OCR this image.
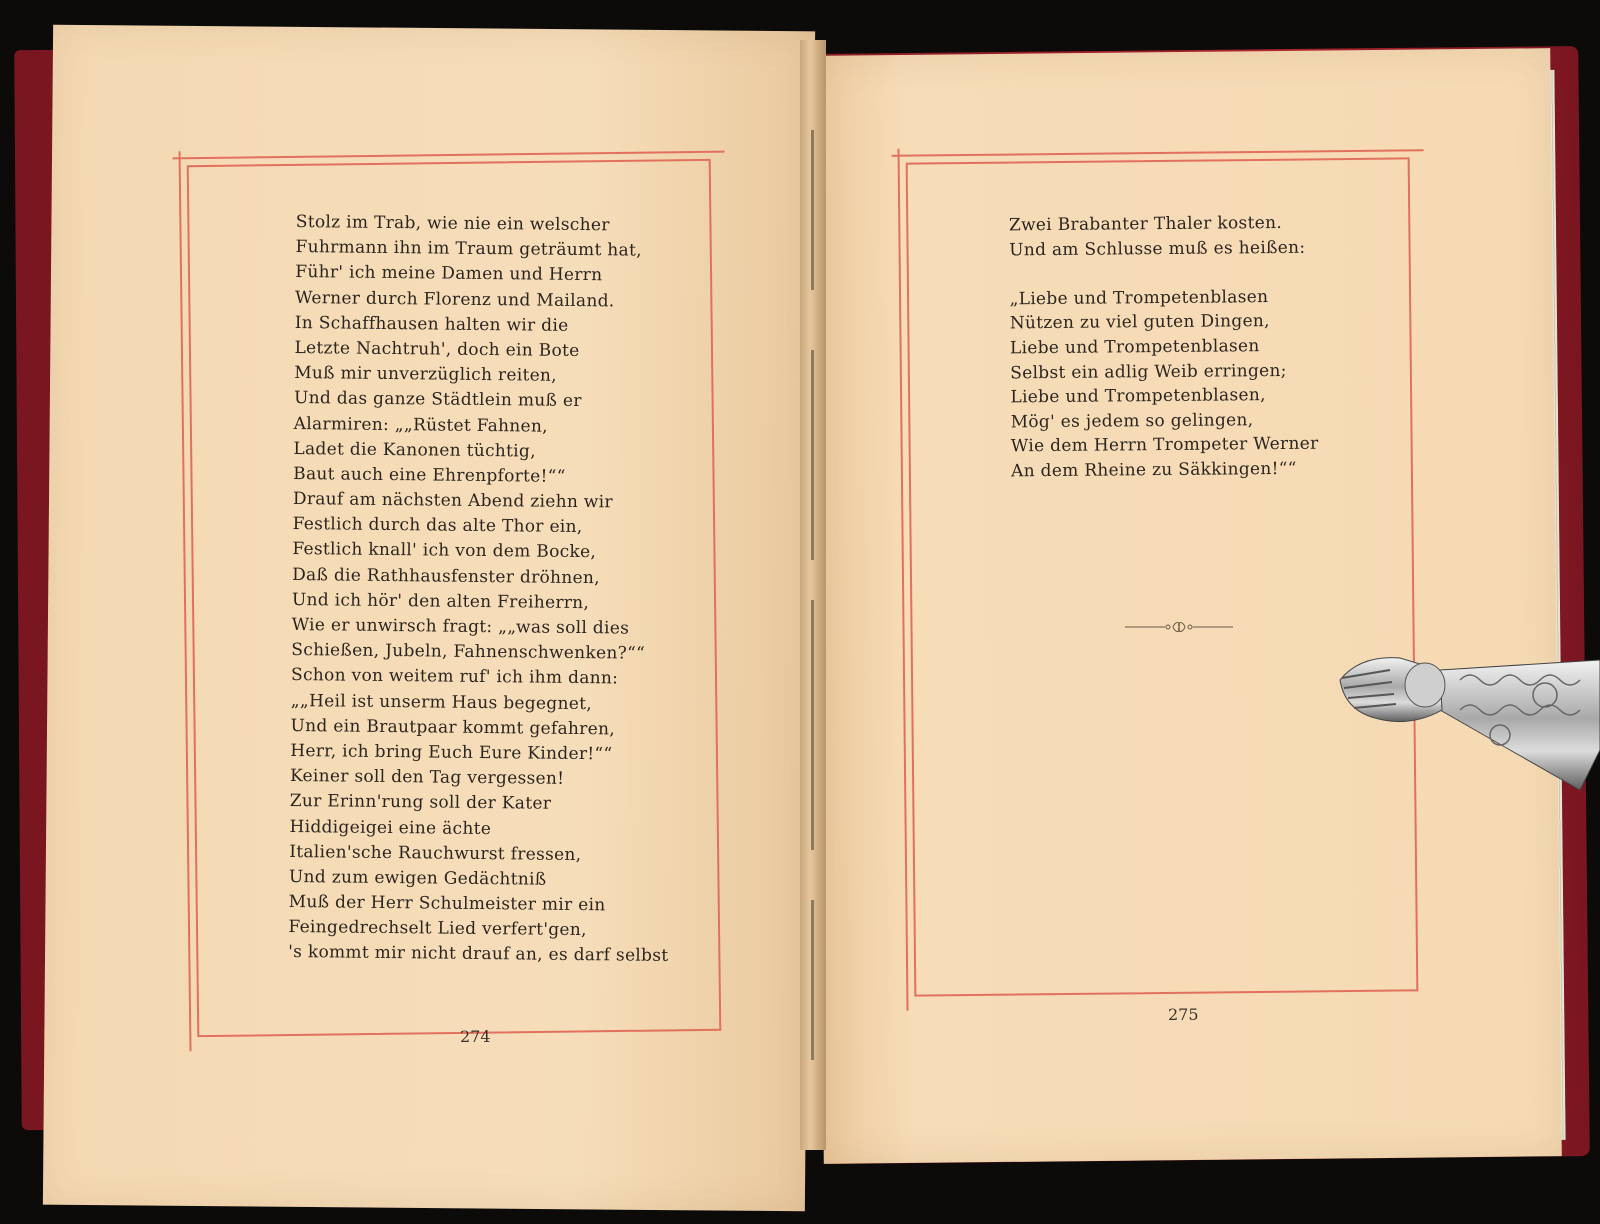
Stolz im Trab, wie nie ein welscher
Fuhrmann ihn im Traum geträumt hat,
Führ' ich meine Damen und Herrn
Werner durch Florenz und Mailand.
In Schaffhausen halten wir die
Letzte Nachtruh', doch ein Bote
Muß mir unverzüglich reiten,
Und das ganze Städtlein muß er
Alarmiren: „„Rüstet Fahnen,
Ladet die Kanonen tüchtig,
Baut auch eine Ehrenpforte!““
Drauf am nächsten Abend ziehn wir
Festlich durch das alte Thor ein,
Festlich knall' ich von dem Bocke,
Daß die Rathhausfenster dröhnen,
Und ich hör' den alten Freiherrn,
Wie er unwirsch fragt: „„was soll dies
Schießen, Jubeln, Fahnenschwenken?““
Schon von weitem ruf' ich ihm dann:
„„Heil ist unserm Haus begegnet,
Und ein Brautpaar kommt gefahren,
Herr, ich bring Euch Eure Kinder!““
Keiner soll den Tag vergessen!
Zur Erinn'rung soll der Kater
Hiddigeigei eine ächte
Italien'sche Rauchwurst fressen,
Und zum ewigen Gedächtniß
Muß der Herr Schulmeister mir ein
Feingedrechselt Lied verfert'gen,
's kommt mir nicht drauf an, es darf selbst
Zwei Brabanter Thaler kosten.
Und am Schlusse muß es heißen:
„Liebe und Trompetenblasen
Nützen zu viel guten Dingen,
Liebe und Trompetenblasen
Selbst ein adlig Weib erringen;
Liebe und Trompetenblasen,
Mög' es jedem so gelingen,
Wie dem Herrn Trompeter Werner
An dem Rheine zu Säkkingen!““
274
275
